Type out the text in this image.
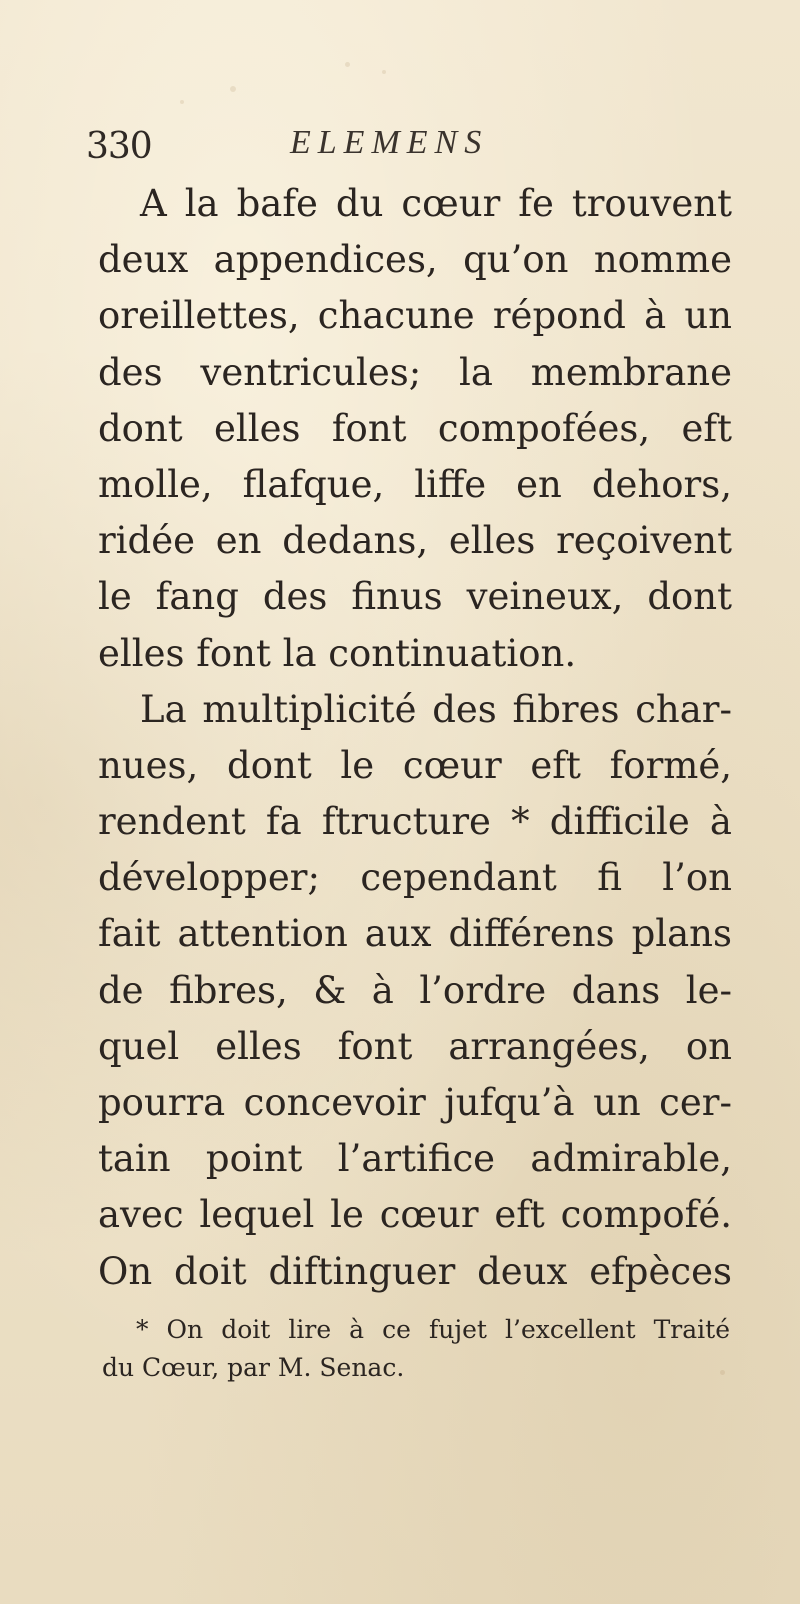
330	ELEMENS
A la bafe du cœur fe trouvent
deux appendices, qu’on nomme
oreillettes, chacune répond à un
des ventricules; la membrane
dont elles font compofées, eft
molle, flafque, liffe en dehors,
ridée en dedans, elles reçoivent
le fang des finus veineux, dont
elles font la continuation.
La multiplicité des fibres char-
nues, dont le cœur eft formé,
rendent fa ftructure * difficile à
développer; cependant fi l’on
fait attention aux différens plans
de fibres, & à l’ordre dans le-
quel elles font arrangées, on
pourra concevoir jufqu’à un cer-
tain point l’artifice admirable,
avec lequel le cœur eft compofé.
On doit diftinguer deux efpèces
* On doit lire à ce fujet l’excellent Traité
du Cœur, par M. Senac.
